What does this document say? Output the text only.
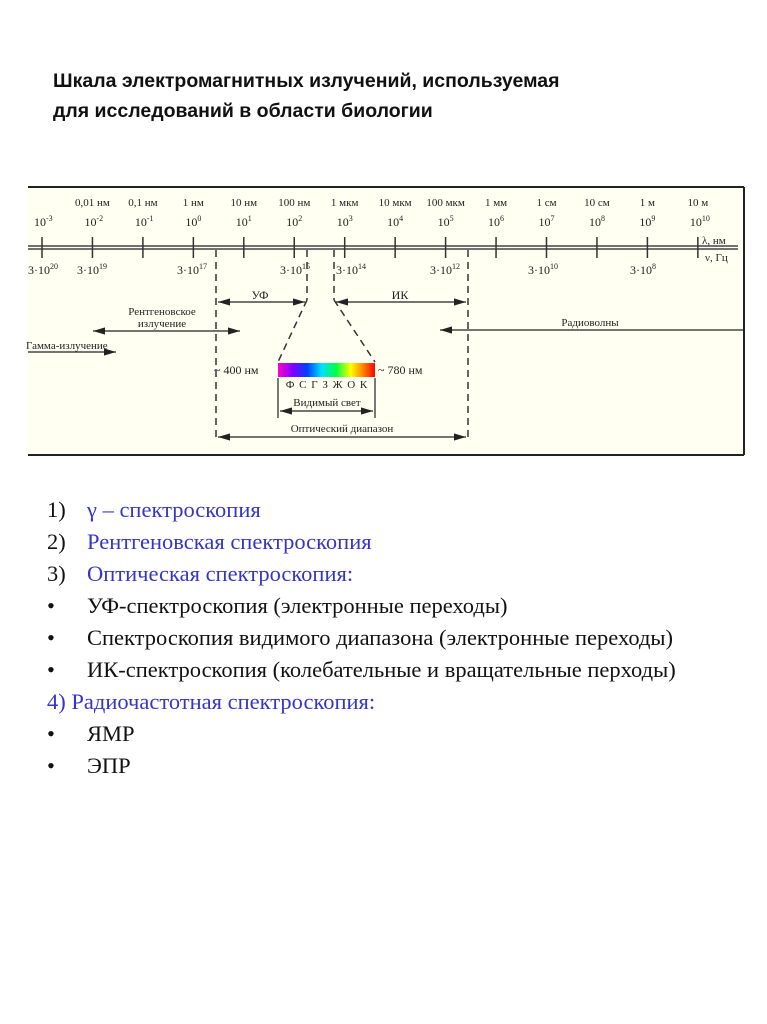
Шкала электромагнитных излучений, используемая
для исследований в области биологии
$10^{-3}$	$10^{-2}$	$10^{-1}$	$10^0$	$10^1$	$10^2$	$10^3$	$10^4$	$10^5$	$10^6$	$10^7$	$10^8$	$10^9$	$10^{10}$
0,01 нм 0,1 нм 1 нм 10 нм 100 нм 1 мкм 10 мкм 100 мкм 1 мм	1 см	10 см	1 м	10 м
$3\cdot 10^{20}$ $3\cdot 10^{19}$	$3\cdot 10^{17}$	$3\cdot 10^{15}$ $3\cdot 10^{14}$	$3\cdot 10^{12}$	$3\cdot 10^{10}$	$3\cdot 10^8$
λ, нм
ν, Гц
УФ	ИК
Рентгеновское
излучение	Радиоволны
Гамма-излучение
~ 400 нм	~ 780 нм
Ф С Г З Ж О К
Видимый свет
Оптический диапазон
1) γ – спектроскопия
2) Рентгеновская спектроскопия
3) Оптическая спектроскопия:
•	УФ-спектроскопия (электронные переходы)
•	Спектроскопия видимого диапазона (электронные переходы)
•	ИК-спектроскопия (колебательные и вращательные перходы)
4) Радиочастотная спектроскопия:
•	ЯМР
•	ЭПР
